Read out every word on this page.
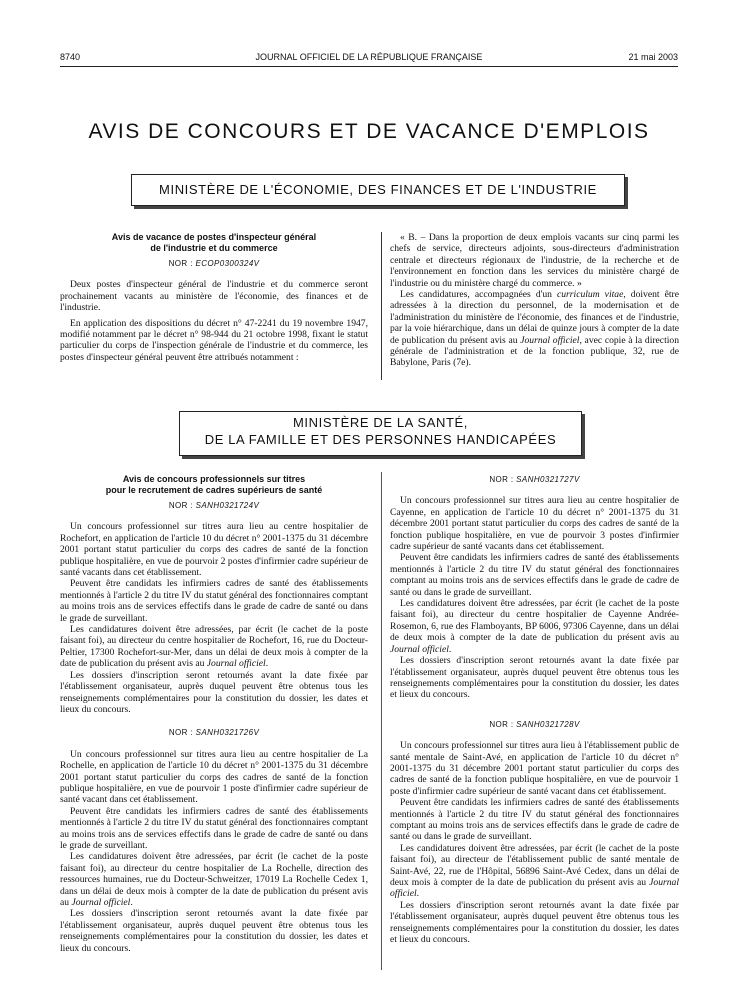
JOURNAL OFFICIEL DE LA RÉPUBLIQUE FRANÇAISE
8740	21 mai 2003
AVIS DE CONCOURS ET DE VACANCE D'EMPLOIS
MINISTÈRE DE L'ÉCONOMIE, DES FINANCES ET DE L'INDUSTRIE
Avis de vacance de postes d'inspecteur général
de l'industrie et du commerce
NOR : ECOP0300324V

Deux postes d'inspecteur général de l'industrie et du commerce seront prochainement vacants au ministère de l'économie, des finances et de l'industrie.

En application des dispositions du décret n° 47-2241 du 19 novembre 1947, modifié notamment par le décret n° 98-944 du 21 octobre 1998, fixant le statut particulier du corps de l'inspection générale de l'industrie et du commerce, les postes d'inspecteur général peuvent être attribués notamment :

« B. – Dans la proportion de deux emplois vacants sur cinq parmi les chefs de service, directeurs adjoints, sous-directeurs d'administration centrale et directeurs régionaux de l'industrie, de la recherche et de l'environnement en fonction dans les services du ministère chargé de l'industrie ou du ministère chargé du commerce. »

Les candidatures, accompagnées d'un curriculum vitae, doivent être adressées à la direction du personnel, de la modernisation et de l'administration du ministère de l'économie, des finances et de l'industrie, par la voie hiérarchique, dans un délai de quinze jours à compter de la date de publication du présent avis au Journal officiel, avec copie à la direction générale de l'administration et de la fonction publique, 32, rue de Babylone, Paris (7e).

MINISTÈRE DE LA SANTÉ,
DE LA FAMILLE ET DES PERSONNES HANDICAPÉES
Avis de concours professionnels sur titres
pour le recrutement de cadres supérieurs de santé
NOR : SANH0321724V

Un concours professionnel sur titres aura lieu au centre hospitalier de Rochefort, en application de l'article 10 du décret n° 2001-1375 du 31 décembre 2001 portant statut particulier du corps des cadres de santé de la fonction publique hospitalière, en vue de pourvoir 2 postes d'infirmier cadre supérieur de santé vacants dans cet établissement.

Peuvent être candidats les infirmiers cadres de santé des établissements mentionnés à l'article 2 du titre IV du statut général des fonctionnaires comptant au moins trois ans de services effectifs dans le grade de cadre de santé ou dans le grade de surveillant.

Les candidatures doivent être adressées, par écrit (le cachet de la poste faisant foi), au directeur du centre hospitalier de Rochefort, 16, rue du Docteur-Peltier, 17300 Rochefort-sur-Mer, dans un délai de deux mois à compter de la date de publication du présent avis au Journal officiel.

Les dossiers d'inscription seront retournés avant la date fixée par l'établissement organisateur, auprès duquel peuvent être obtenus tous les renseignements complémentaires pour la constitution du dossier, les dates et lieux du concours.

NOR : SANH0321726V

Un concours professionnel sur titres aura lieu au centre hospitalier de La Rochelle, en application de l'article 10 du décret n° 2001-1375 du 31 décembre 2001 portant statut particulier du corps des cadres de santé de la fonction publique hospitalière, en vue de pourvoir 1 poste d'infirmier cadre supérieur de santé vacant dans cet établissement.

Peuvent être candidats les infirmiers cadres de santé des établissements mentionnés à l'article 2 du titre IV du statut général des fonctionnaires comptant au moins trois ans de services effectifs dans le grade de cadre de santé ou dans le grade de surveillant.

Les candidatures doivent être adressées, par écrit (le cachet de la poste faisant foi), au directeur du centre hospitalier de La Rochelle, direction des ressources humaines, rue du Docteur-Schweitzer, 17019 La Rochelle Cedex 1, dans un délai de deux mois à compter de la date de publication du présent avis au Journal officiel.

Les dossiers d'inscription seront retournés avant la date fixée par l'établissement organisateur, auprès duquel peuvent être obtenus tous les renseignements complémentaires pour la constitution du dossier, les dates et lieux du concours.

NOR : SANH0321727V

Un concours professionnel sur titres aura lieu au centre hospitalier de Cayenne, en application de l'article 10 du décret n° 2001-1375 du 31 décembre 2001 portant statut particulier du corps des cadres de santé de la fonction publique hospitalière, en vue de pourvoir 3 postes d'infirmier cadre supérieur de santé vacants dans cet établissement.

Peuvent être candidats les infirmiers cadres de santé des établissements mentionnés à l'article 2 du titre IV du statut général des fonctionnaires comptant au moins trois ans de services effectifs dans le grade de cadre de santé ou dans le grade de surveillant.

Les candidatures doivent être adressées, par écrit (le cachet de la poste faisant foi), au directeur du centre hospitalier de Cayenne Andrée-Rosemon, 6, rue des Flamboyants, BP 6006, 97306 Cayenne, dans un délai de deux mois à compter de la date de publication du présent avis au Journal officiel.

Les dossiers d'inscription seront retournés avant la date fixée par l'établissement organisateur, auprès duquel peuvent être obtenus tous les renseignements complémentaires pour la constitution du dossier, les dates et lieux du concours.

NOR : SANH0321728V

Un concours professionnel sur titres aura lieu à l'établissement public de santé mentale de Saint-Avé, en application de l'article 10 du décret n° 2001-1375 du 31 décembre 2001 portant statut particulier du corps des cadres de santé de la fonction publique hospitalière, en vue de pourvoir 1 poste d'infirmier cadre supérieur de santé vacant dans cet établissement.

Peuvent être candidats les infirmiers cadres de santé des établissements mentionnés à l'article 2 du titre IV du statut général des fonctionnaires comptant au moins trois ans de services effectifs dans le grade de cadre de santé ou dans le grade de surveillant.

Les candidatures doivent être adressées, par écrit (le cachet de la poste faisant foi), au directeur de l'établissement public de santé mentale de Saint-Avé, 22, rue de l'Hôpital, 56896 Saint-Avé Cedex, dans un délai de deux mois à compter de la date de publication du présent avis au Journal officiel.

Les dossiers d'inscription seront retournés avant la date fixée par l'établissement organisateur, auprès duquel peuvent être obtenus tous les renseignements complémentaires pour la constitution du dossier, les dates et lieux du concours.
